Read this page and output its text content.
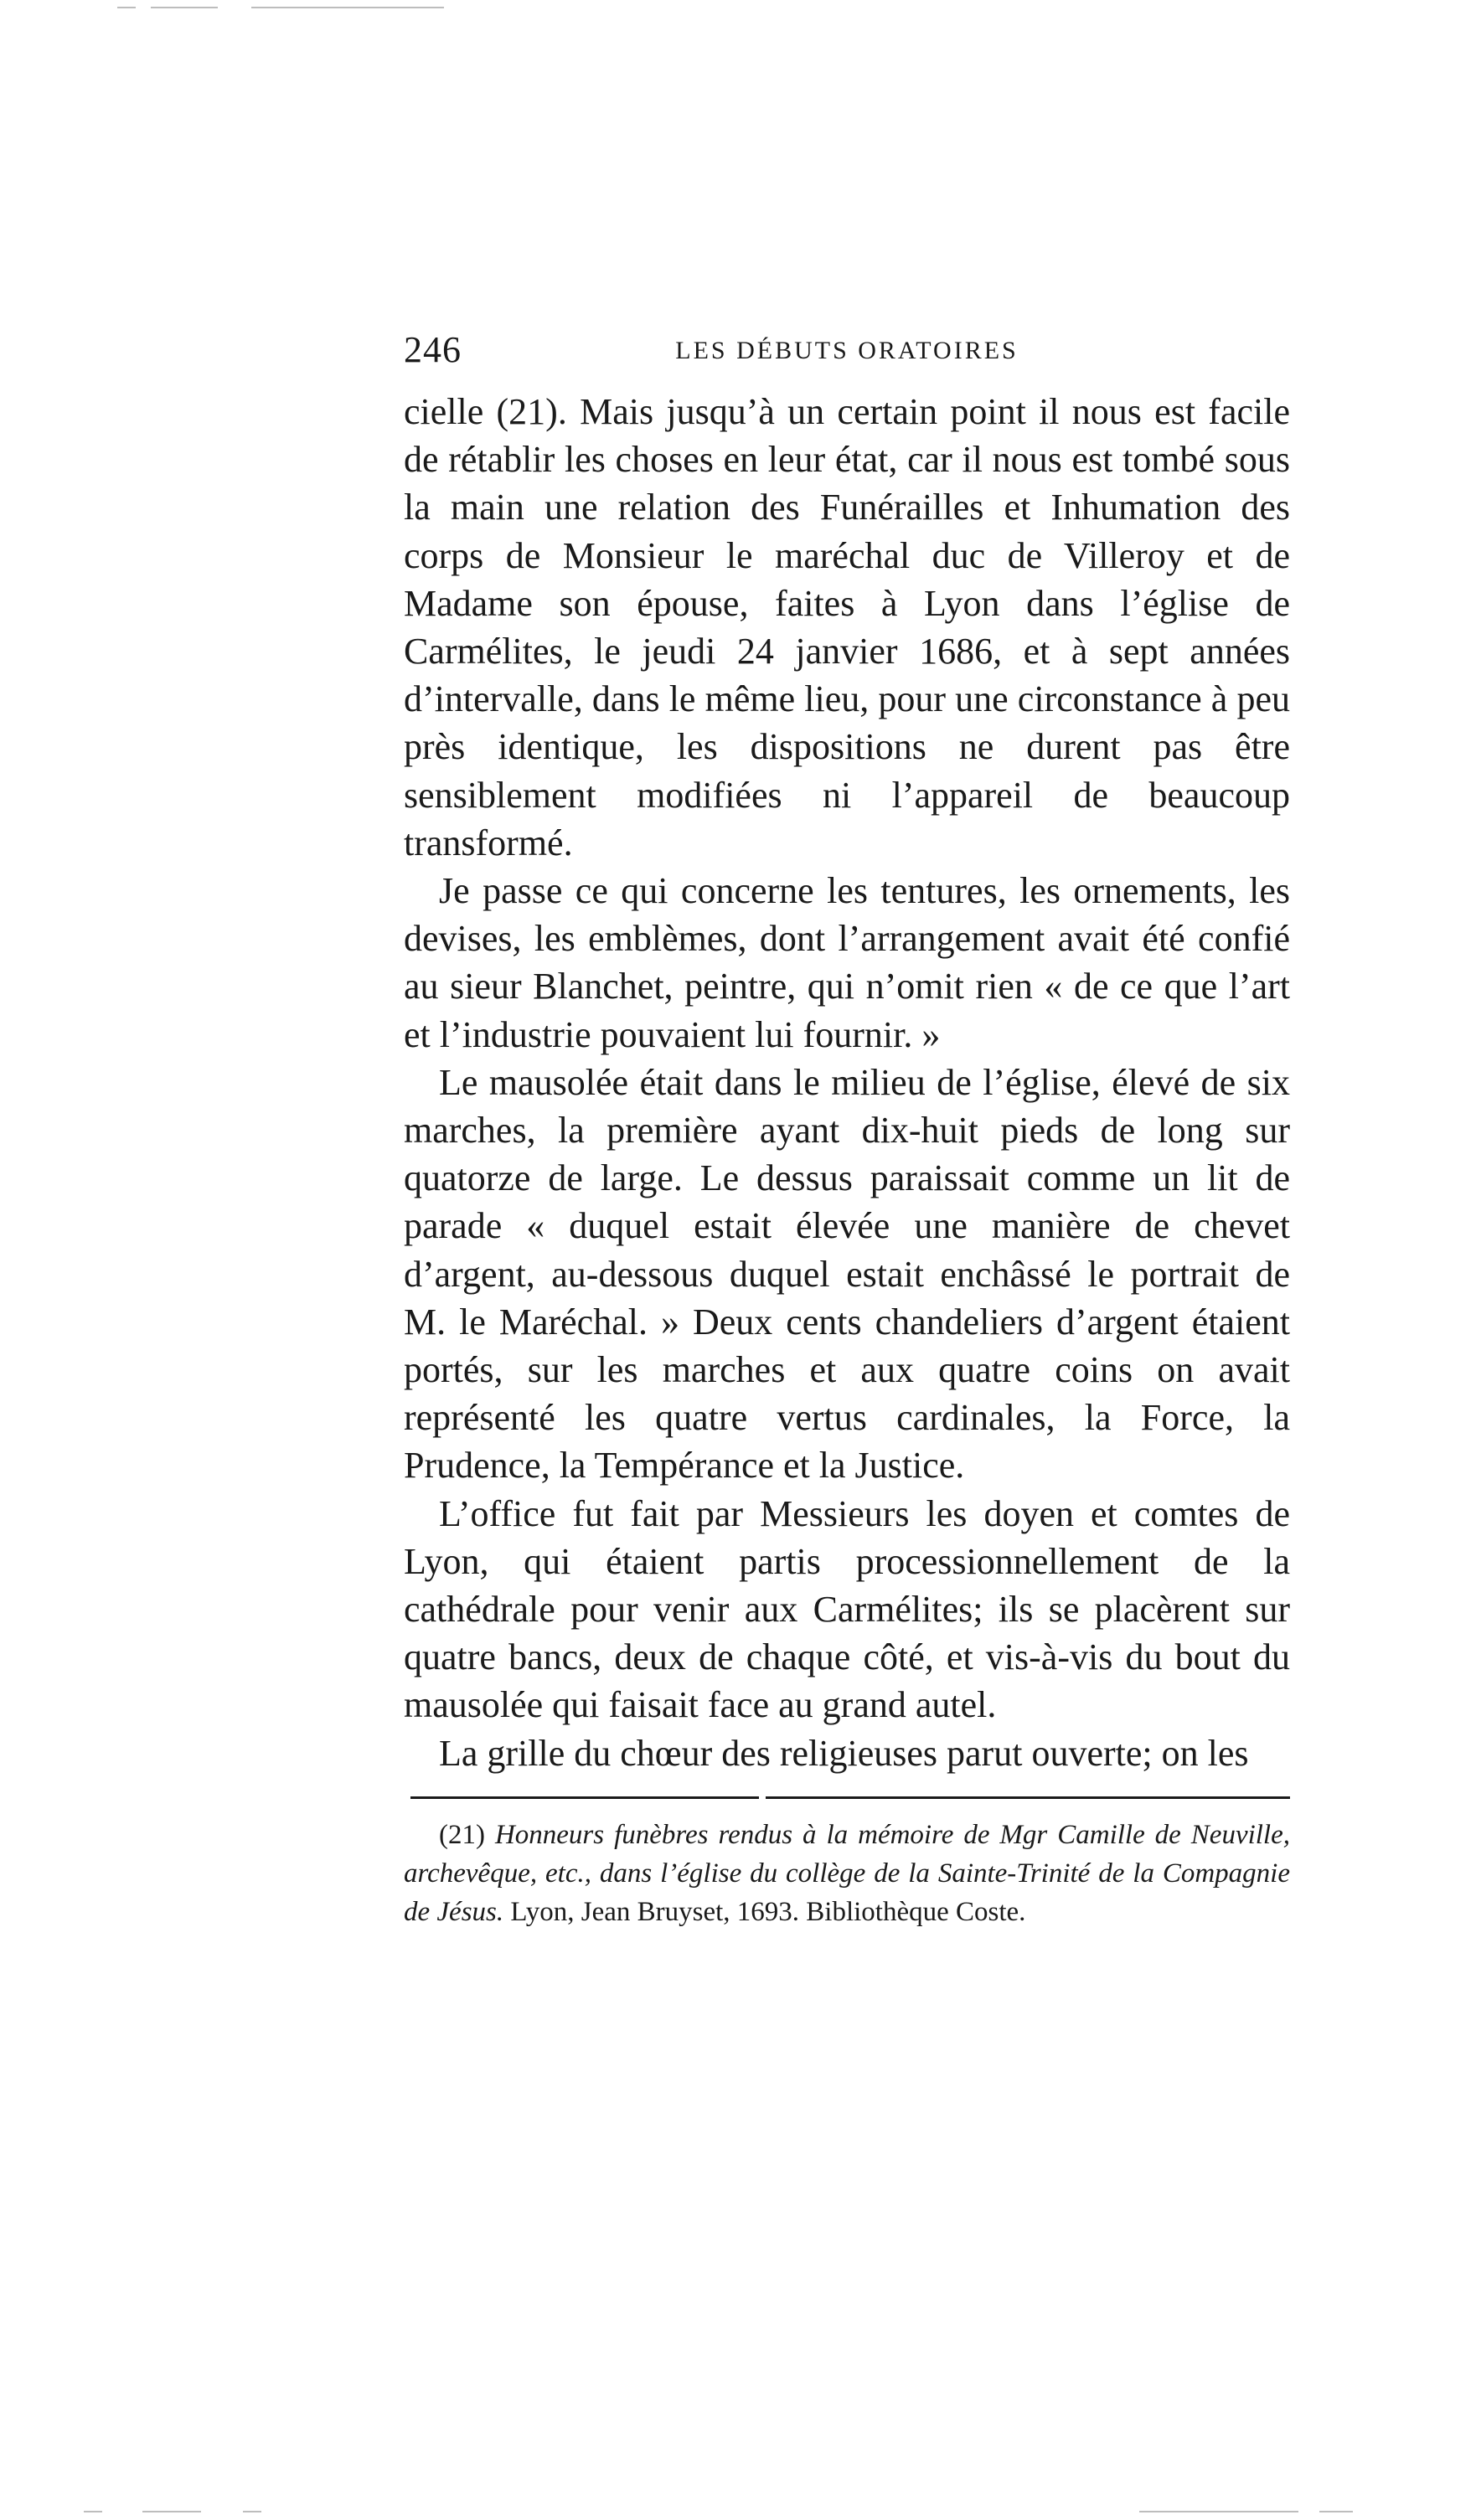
246	LES DÉBUTS ORATOIRES

cielle (21). Mais jusqu’à un certain point il nous est facile de rétablir les choses en leur état, car il nous est tombé sous la main une relation des Funérailles et Inhumation des corps de Monsieur le maréchal duc de Villeroy et de Madame son épouse, faites à Lyon dans l’église de Carmélites, le jeudi 24 janvier 1686, et à sept années d’intervalle, dans le même lieu, pour une circonstance à peu près identique, les dispositions ne durent pas être sensiblement modifiées ni l’appareil de beaucoup transformé.

Je passe ce qui concerne les tentures, les ornements, les devises, les emblèmes, dont l’arrangement avait été confié au sieur Blanchet, peintre, qui n’omit rien « de ce que l’art et l’industrie pouvaient lui fournir. »

Le mausolée était dans le milieu de l’église, élevé de six marches, la première ayant dix-huit pieds de long sur quatorze de large. Le dessus paraissait comme un lit de parade « duquel estait élevée une manière de chevet d’argent, au-dessous duquel estait enchâssé le portrait de M. le Maréchal. » Deux cents chandeliers d’argent étaient portés, sur les marches et aux quatre coins on avait représenté les quatre vertus cardinales, la Force, la Prudence, la Tempérance et la Justice.

L’office fut fait par Messieurs les doyen et comtes de Lyon, qui étaient partis processionnellement de la cathédrale pour venir aux Carmélites; ils se placèrent sur quatre bancs, deux de chaque côté, et vis-à-vis du bout du mausolée qui faisait face au grand autel.

La grille du chœur des religieuses parut ouverte; on les

(21) Honneurs funèbres rendus à la mémoire de Mgr Camille de Neuville, archevêque, etc., dans l’église du collège de la Sainte-Trinité de la Compagnie de Jésus. Lyon, Jean Bruyset, 1693. Bibliothèque Coste.
